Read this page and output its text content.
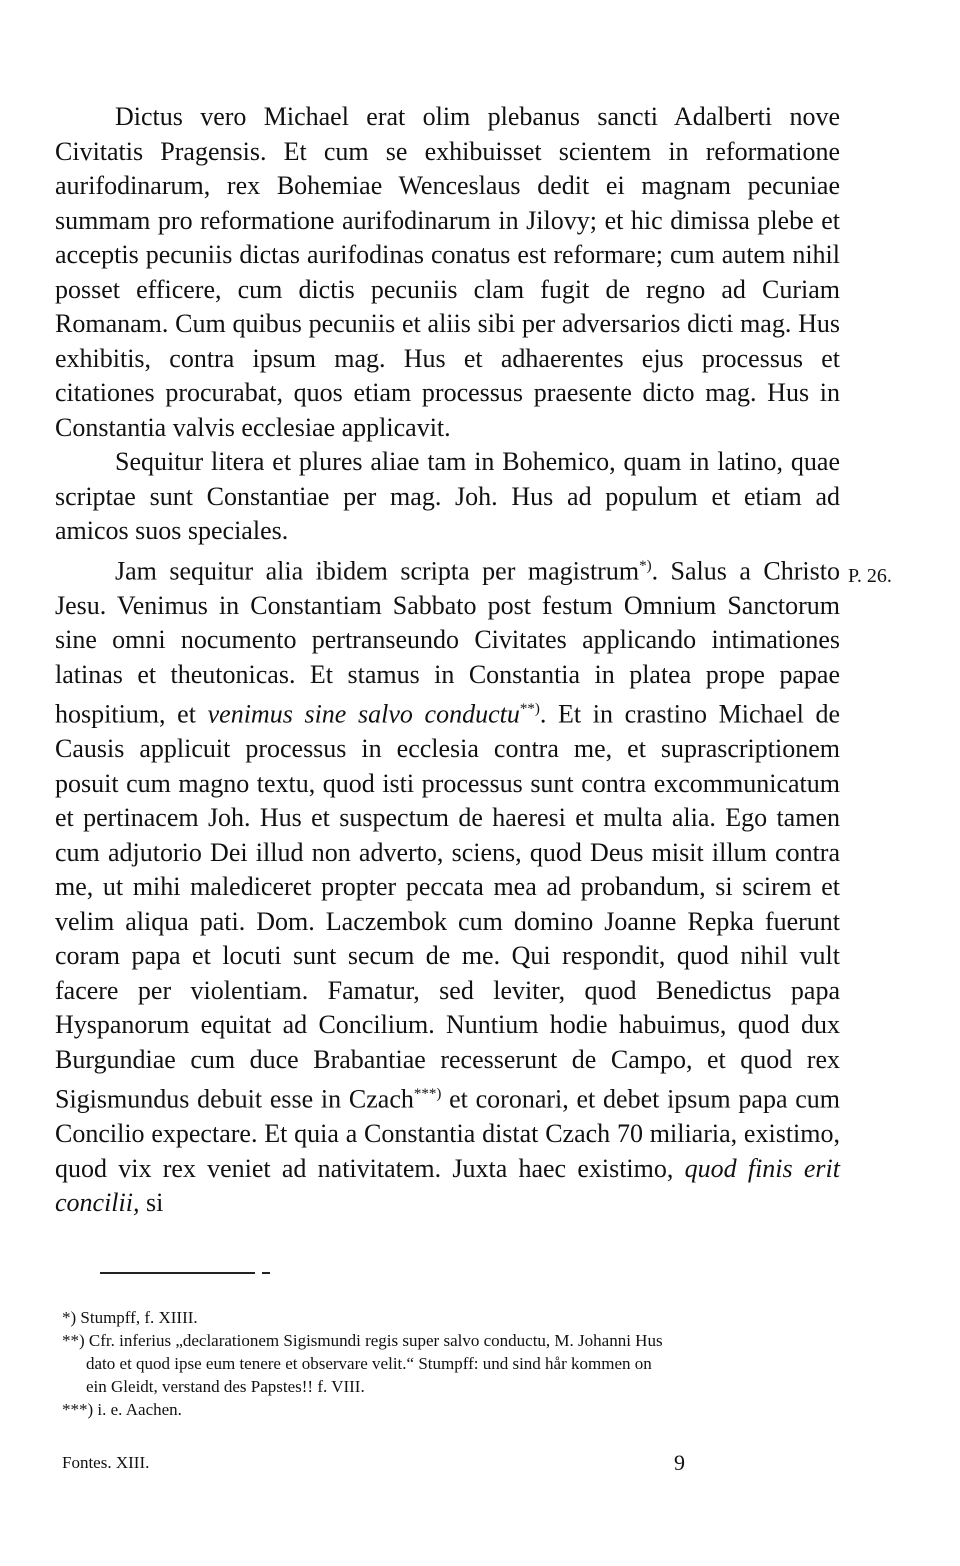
Dictus vero Michael erat olim plebanus sancti Adalberti nove Civitatis Pragensis. Et cum se exhibuisset scientem in reformatione aurifodinarum, rex Bohemiae Wenceslaus dedit ei magnam pecuniae summam pro reformatione aurifodinarum in Jilovy; et hic dimissa plebe et acceptis pecuniis dictas aurifodinas conatus est reformare; cum autem nihil posset efficere, cum dictis pecuniis clam fugit de regno ad Curiam Romanam. Cum quibus pecuniis et aliis sibi per adversarios dicti mag. Hus exhibitis, contra ipsum mag. Hus et adhaerentes ejus processus et citationes procurabat, quos etiam processus praesente dicto mag. Hus in Constantia valvis ecclesiae applicavit.

Sequitur litera et plures aliae tam in Bohemico, quam in latino, quae scriptae sunt Constantiae per mag. Joh. Hus ad populum et etiam ad amicos suos speciales.

Jam sequitur alia ibidem scripta per magistrum*). Salus a Christo Jesu. Venimus in Constantiam Sabbato post festum Omnium Sanctorum sine omni nocumento pertranseundo Civitates applicando intimationes latinas et theutonicas. Et stamus in Constantia in platea prope papae hospitium, et venimus sine salvo conductu**). Et in crastino Michael de Causis applicuit processus in ecclesia contra me, et suprascriptionem posuit cum magno textu, quod isti processus sunt contra excommunicatum et pertinacem Joh. Hus et suspectum de haeresi et multa alia. Ego tamen cum adjutorio Dei illud non adverto, sciens, quod Deus misit illum contra me, ut mihi malediceret propter peccata mea ad probandum, si scirem et velim aliqua pati. Dom. Laczembok cum domino Joanne Repka fuerunt coram papa et locuti sunt secum de me. Qui respondit, quod nihil vult facere per violentiam. Famatur, sed leviter, quod Benedictus papa Hyspanorum equitat ad Concilium. Nuntium hodie habuimus, quod dux Burgundiae cum duce Brabantiae recesserunt de Campo, et quod rex Sigismundus debuit esse in Czach***) et coronari, et debet ipsum papa cum Concilio expectare. Et quia a Constantia distat Czach 70 miliaria, existimo, quod vix rex veniet ad nativitatem. Juxta haec existimo, quod finis erit concilii, si

P. 26.

*) Stumpff, f. XIIII.

**) Cfr. inferius „declarationem Sigismundi regis super salvo conductu, M. Johanni Hus

dato et quod ipse eum tenere et observare velit.“ Stumpff: und sind hår kommen on

ein Gleidt, verstand des Papstes!! f. VIII.

***) i. e. Aachen.

Fontes. XIII.	9
